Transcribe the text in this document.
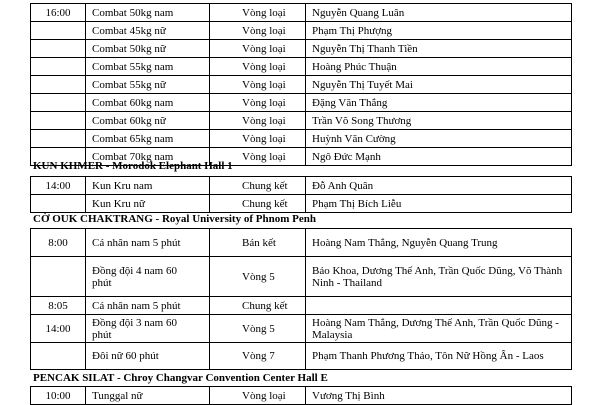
16:00	Combat 50kg nam	Vòng loại	Nguyễn Quang Luân
	Combat 45kg nữ	Vòng loại	Phạm Thị Phượng
	Combat 50kg nữ	Vòng loại	Nguyễn Thị Thanh Tiền
	Combat 55kg nam	Vòng loại	Hoàng Phúc Thuận
	Combat 55kg nữ	Vòng loại	Nguyễn Thị Tuyết Mai
	Combat 60kg nam	Vòng loại	Đặng Văn Thắng
	Combat 60kg nữ	Vòng loại	Trần Võ Song Thương
	Combat 65kg nam	Vòng loại	Huỳnh Văn Cường
	Combat 70kg nam	Vòng loại	Ngô Đức Mạnh
KUN KHMER - Morodok Elephant Hall 1
14:00	Kun Kru nam	Chung kết	Đỗ Anh Quân
	Kun Kru nữ	Chung kết	Phạm Thị Bích Liễu
CỜ OUK CHAKTRANG - Royal University of Phnom Penh
8:00	Cá nhân nam 5 phút	Bán kết	Hoàng Nam Thắng, Nguyễn Quang Trung
	Đồng đội 4 nam 60 phút	Vòng 5	Bảo Khoa, Dương Thế Anh, Trần Quốc Dũng, Võ Thành Ninh - Thailand
8:05	Cá nhân nam 5 phút	Chung kết	
14:00	Đồng đội 3 nam 60 phút	Vòng 5	Hoàng Nam Thắng, Dương Thế Anh, Trần Quốc Dũng - Malaysia
	Đôi nữ 60 phút	Vòng 7	Phạm Thanh Phương Thảo, Tôn Nữ Hồng Ân - Laos
PENCAK SILAT - Chroy Changvar Convention Center Hall E
10:00	Tunggal nữ	Vòng loại	Vương Thị Bình
